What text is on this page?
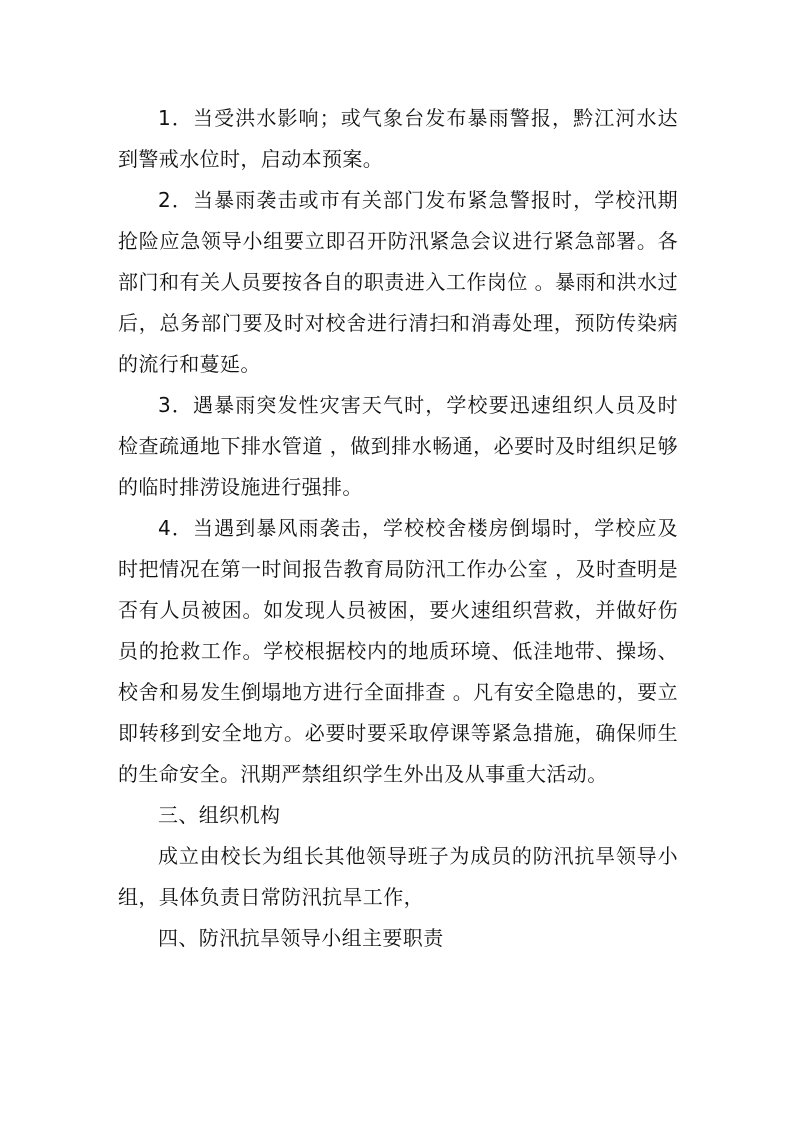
1．当受洪水影响；或气象台发布暴雨警报，黔江河水达到警戒水位时，启动本预案。

2．当暴雨袭击或市有关部门发布紧急警报时，学校汛期抢险应急领导小组要立即召开防汛紧急会议进行紧急部署。各部门和有关人员要按各自的职责进入工作岗位 。暴雨和洪水过后，总务部门要及时对校舍进行清扫和消毒处理，预防传染病的流行和蔓延。

3．遇暴雨突发性灾害天气时，学校要迅速组织人员及时检查疏通地下排水管道 ，做到排水畅通，必要时及时组织足够的临时排涝设施进行强排。

4．当遇到暴风雨袭击，学校校舍楼房倒塌时，学校应及时把情况在第一时间报告教育局防汛工作办公室 ，及时查明是否有人员被困。如发现人员被困，要火速组织营救，并做好伤员的抢救工作。学校根据校内的地质环境、低洼地带、操场、校舍和易发生倒塌地方进行全面排查 。凡有安全隐患的，要立即转移到安全地方。必要时要采取停课等紧急措施，确保师生的生命安全。汛期严禁组织学生外出及从事重大活动。

三、组织机构

成立由校长为组长其他领导班子为成员的防汛抗旱领导小组，具体负责日常防汛抗旱工作，

四、防汛抗旱领导小组主要职责
